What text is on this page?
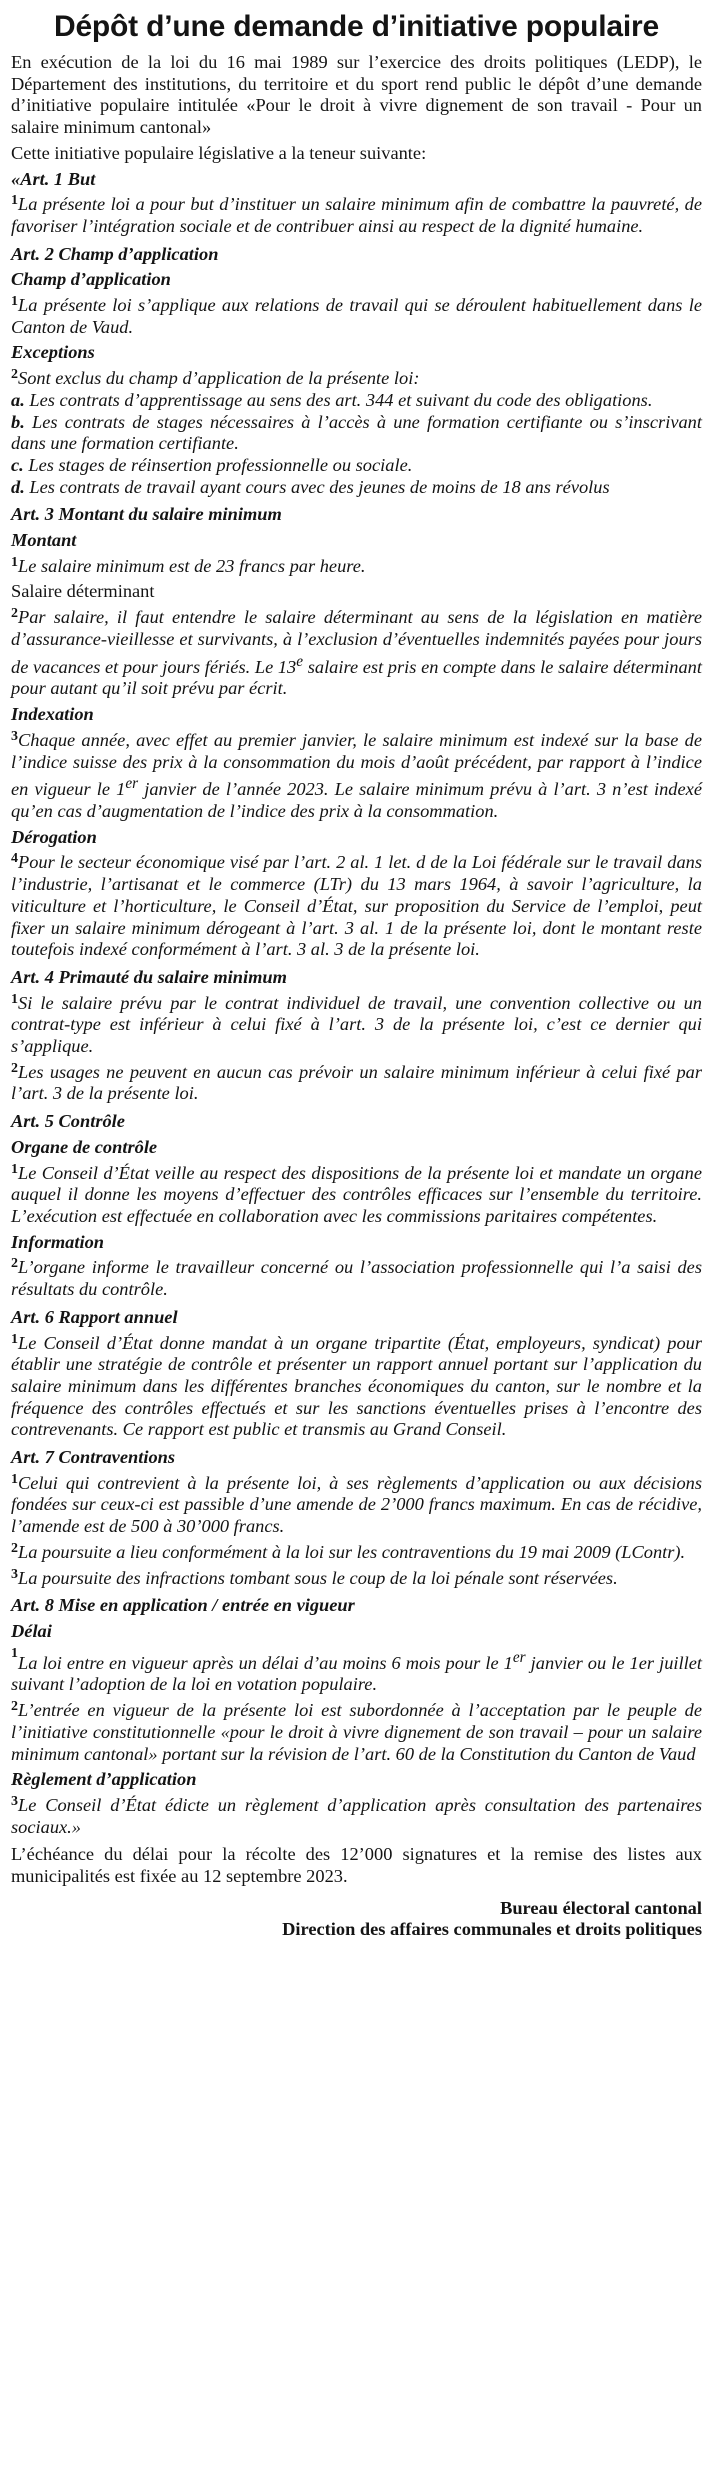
Dépôt d’une demande d’initiative populaire

En exécution de la loi du 16 mai 1989 sur l’exercice des droits politiques (LEDP), le Département des institutions, du territoire et du sport rend public le dépôt d’une demande d’initiative populaire intitulée «Pour le droit à vivre dignement de son travail - Pour un salaire minimum cantonal»

Cette initiative populaire législative a la teneur suivante:

«Art. 1 But

$^1$La présente loi a pour but d’instituer un salaire minimum afin de combattre la pauvreté, de favoriser l’intégration sociale et de contribuer ainsi au respect de la dignité humaine.

Art. 2 Champ d’application

Champ d’application

$^1$La présente loi s’applique aux relations de travail qui se déroulent habituellement dans le Canton de Vaud.

Exceptions

$^2$Sont exclus du champ d’application de la présente loi:

a. Les contrats d’apprentissage au sens des art. 344 et suivant du code des obligations.

b. Les contrats de stages nécessaires à l’accès à une formation certifiante ou s’inscrivant dans une formation certifiante.

c. Les stages de réinsertion professionnelle ou sociale.

d. Les contrats de travail ayant cours avec des jeunes de moins de 18 ans révolus

Art. 3 Montant du salaire minimum

Montant

$^1$Le salaire minimum est de 23 francs par heure.

Salaire déterminant

$^2$Par salaire, il faut entendre le salaire déterminant au sens de la législation en matière d’assurance-vieillesse et survivants, à l’exclusion d’éventuelles indemnités payées pour jours de vacances et pour jours fériés. Le 13e salaire est pris en compte dans le salaire déterminant pour autant qu’il soit prévu par écrit.

Indexation

$^3$Chaque année, avec effet au premier janvier, le salaire minimum est indexé sur la base de l’indice suisse des prix à la consommation du mois d’août précédent, par rapport à l’indice en vigueur le 1er janvier de l’année 2023. Le salaire minimum prévu à l’art. 3 n’est indexé qu’en cas d’augmentation de l’indice des prix à la consommation.

Dérogation

$^4$Pour le secteur économique visé par l’art. 2 al. 1 let. d de la Loi fédérale sur le travail dans l’industrie, l’artisanat et le commerce (LTr) du 13 mars 1964, à savoir l’agriculture, la viticulture et l’horticulture, le Conseil d’État, sur proposition du Service de l’emploi, peut fixer un salaire minimum dérogeant à l’art. 3 al. 1 de la présente loi, dont le montant reste toutefois indexé conformément à l’art. 3 al. 3 de la présente loi.

Art. 4 Primauté du salaire minimum

$^1$Si le salaire prévu par le contrat individuel de travail, une convention collective ou un contrat-type est inférieur à celui fixé à l’art. 3 de la présente loi, c’est ce dernier qui s’applique.

$^2$Les usages ne peuvent en aucun cas prévoir un salaire minimum inférieur à celui fixé par l’art. 3 de la présente loi.

Art. 5 Contrôle

Organe de contrôle

$^1$Le Conseil d’État veille au respect des dispositions de la présente loi et mandate un organe auquel il donne les moyens d’effectuer des contrôles efficaces sur l’ensemble du territoire. L’exécution est effectuée en collaboration avec les commissions paritaires compétentes.

Information

$^2$L’organe informe le travailleur concerné ou l’association professionnelle qui l’a saisi des résultats du contrôle.

Art. 6 Rapport annuel

$^1$Le Conseil d’État donne mandat à un organe tripartite (État, employeurs, syndicat) pour établir une stratégie de contrôle et présenter un rapport annuel portant sur l’application du salaire minimum dans les différentes branches économiques du canton, sur le nombre et la fréquence des contrôles effectués et sur les sanctions éventuelles prises à l’encontre des contrevenants. Ce rapport est public et transmis au Grand Conseil.

Art. 7 Contraventions

$^1$Celui qui contrevient à la présente loi, à ses règlements d’application ou aux décisions fondées sur ceux-ci est passible d’une amende de 2’000 francs maximum. En cas de récidive, l’amende est de 500 à 30’000 francs.

$^2$La poursuite a lieu conformément à la loi sur les contraventions du 19 mai 2009 (LContr).

$^3$La poursuite des infractions tombant sous le coup de la loi pénale sont réservées.

Art. 8 Mise en application / entrée en vigueur

Délai

$^1$La loi entre en vigueur après un délai d’au moins 6 mois pour le 1er janvier ou le 1er juillet suivant l’adoption de la loi en votation populaire.

$^2$L’entrée en vigueur de la présente loi est subordonnée à l’acceptation par le peuple de l’initiative constitutionnelle «pour le droit à vivre dignement de son travail – pour un salaire minimum cantonal» portant sur la révision de l’art. 60 de la Constitution du Canton de Vaud

Règlement d’application

$^3$Le Conseil d’État édicte un règlement d’application après consultation des partenaires sociaux.»

L’échéance du délai pour la récolte des 12’000 signatures et la remise des listes aux municipalités est fixée au 12 septembre 2023.

Bureau électoral cantonal
Direction des affaires communales et droits politiques
